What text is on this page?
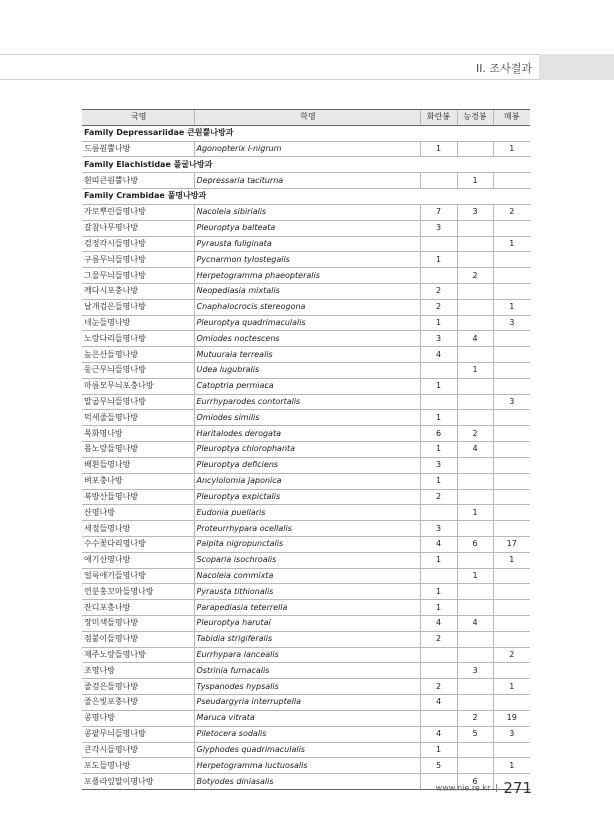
II. 조사결과
국명	학명	화란봉	능경봉	매봉
Family Depressariidae 큰원뿔나방과				
드름원뿔나방	Agonopterix l-nigrum	1		1
Family Elachistidae 풀굴나방과				
흰띠큰원뿔나방	Depressaria taciturna		1	
Family Crambidae 풀명나방과				
가로뿌린들명나방	Nacoleia sibirialis	7	3	2
갈참나무명나방	Pleuroptya balteata	3		
검정각시들명나방	Pyrausta fuliginata			1
구름무늬들명나방	Pycnarmon tylostegalis	1		
그물무늬들명나방	Herpetogramma phaeopteralis		2	
깨다시포충나방	Neopediasia mixtalis	2		
날개검은들명나방	Cnaphalocrocis stereogona	2		1
네눈들명나방	Pleuroptya quadrimaculalis	1		3
노랑다리들명나방	Omiodes noctescens	3	4	
높은산들명나방	Mutuuraia terrealis	4		
둥근무늬들명나방	Udea lugubralis		1	
마름모무늬포충나방	Catoptria permiaca	1		
말굽무늬들명나방	Eurrhyparodes contortalis			3
먹세줄들명나방	Omiodes similis	1		
목화명나방	Haritalodes derogata	6	2	
몸노랑들명나방	Pleuroptya chlorophanta	1	4	
배흰들명나방	Pleuroptya deficiens	3		
벼포충나방	Ancylolomia japonica	1		
북방산들명나방	Pleuroptya expictalis	2		
산명나방	Eudonia puellaris		1	
세점들명나방	Proteurrhypara ocellalis	3		
수수꽃다리명나방	Palpita nigropunctalis	4	6	17
애기산명나방	Scoparia isochroalis	1		1
얼룩애기들명나방	Nacoleia commixta		1	
연분홍꼬마들명나방	Pyrausta tithionalis	1		
잔디포충나방	Parapediasia teterrella	1		
장미색들명나방	Pleuroptya harutai	4	4	
점붙이들명나방	Tabidia strigiferalis	2		
제주노랑들명나방	Eurrhypara lancealis			2
조명나방	Ostrinia furnacalis		3	
줄검은들명나방	Tyspanodes hypsalis	2		1
줄은빛포충나방	Pseudargyria interruptella	4		
콩명나방	Maruca vitrata		2	19
콩팥무늬들명나방	Piletocera sodalis	4	5	3
큰각시들명나방	Glyphodes quadrimaculalis	1		
포도들명나방	Herpetogramma luctuosalis	5		1
포플라잎말이명나방	Botyodes diniasalis		6	
www.nie.re.kr 271
